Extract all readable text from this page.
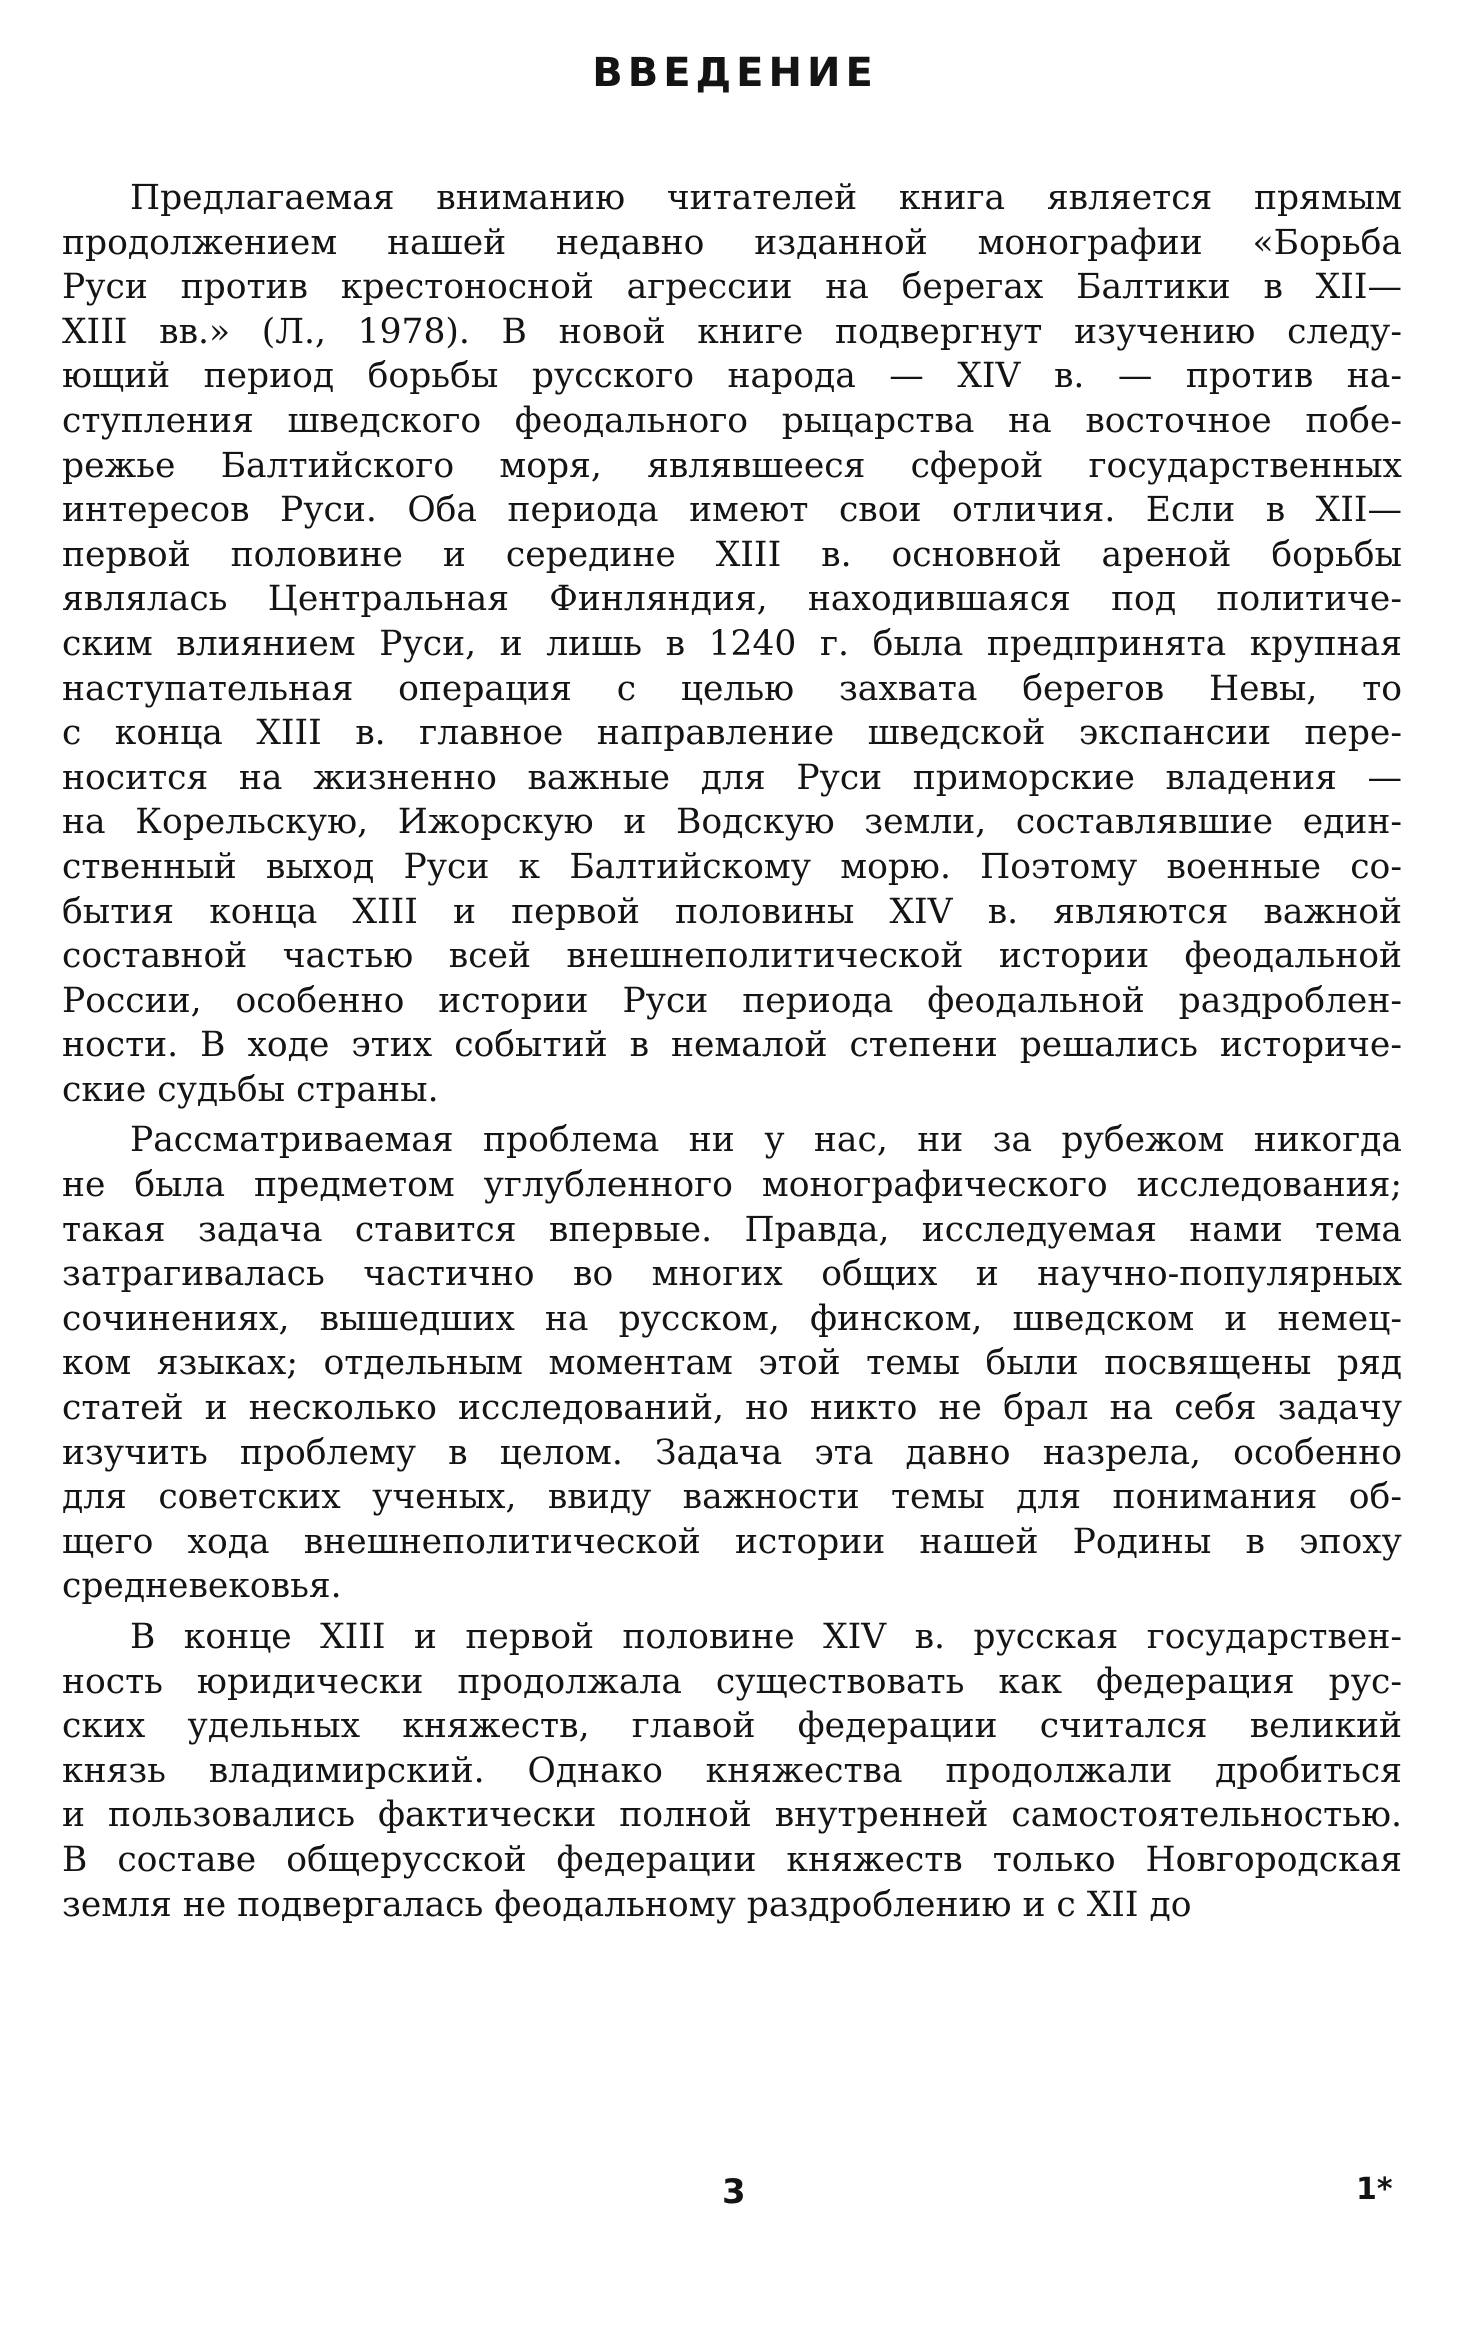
ВВЕДЕНИЕ
Предлагаемая вниманию читателей книга является прямым
продолжением нашей недавно изданной монографии «Борьба
Руси против крестоносной агрессии на берегах Балтики в XII—
XIII вв.» (Л., 1978). В новой книге подвергнут изучению следу-
ющий период борьбы русского народа — XIV в. — против на-
ступления шведского феодального рыцарства на восточное побе-
режье Балтийского моря, являвшееся сферой государственных
интересов Руси. Оба периода имеют свои отличия. Если в XII—
первой половине и середине XIII в. основной ареной борьбы
являлась Центральная Финляндия, находившаяся под политиче-
ским влиянием Руси, и лишь в 1240 г. была предпринята крупная
наступательная операция с целью захвата берегов Невы, то
с конца XIII в. главное направление шведской экспансии пере-
носится на жизненно важные для Руси приморские владения —
на Корельскую, Ижорскую и Водскую земли, составлявшие един-
ственный выход Руси к Балтийскому морю. Поэтому военные со-
бытия конца XIII и первой половины XIV в. являются важной
составной частью всей внешнеполитической истории феодальной
России, особенно истории Руси периода феодальной раздроблен-
ности. В ходе этих событий в немалой степени решались историче-
ские судьбы страны.
Рассматриваемая проблема ни у нас, ни за рубежом никогда
не была предметом углубленного монографического исследования;
такая задача ставится впервые. Правда, исследуемая нами тема
затрагивалась частично во многих общих и научно-популярных
сочинениях, вышедших на русском, финском, шведском и немец-
ком языках; отдельным моментам этой темы были посвящены ряд
статей и несколько исследований, но никто не брал на себя задачу
изучить проблему в целом. Задача эта давно назрела, особенно
для советских ученых, ввиду важности темы для понимания об-
щего хода внешнеполитической истории нашей Родины в эпоху
средневековья.
В конце XIII и первой половине XIV в. русская государствен-
ность юридически продолжала существовать как федерация рус-
ских удельных княжеств, главой федерации считался великий
князь владимирский. Однако княжества продолжали дробиться
и пользовались фактически полной внутренней самостоятельностью.
В составе общерусской федерации княжеств только Новгородская
земля не подвергалась феодальному раздроблению и с XII до
3	1*
